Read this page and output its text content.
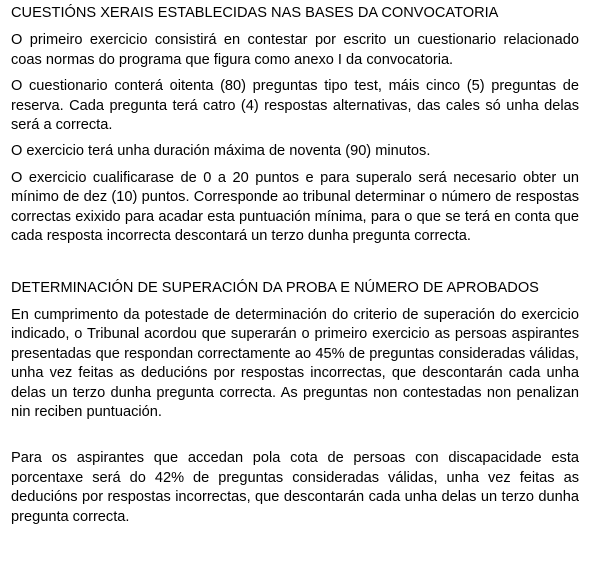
CUESTIÓNS XERAIS ESTABLECIDAS NAS BASES DA CONVOCATORIA

O primeiro exercicio consistirá en contestar por escrito un cuestionario relacionado coas normas do programa que figura como anexo I da convocatoria.

O cuestionario conterá oitenta (80) preguntas tipo test, máis cinco (5) preguntas de reserva. Cada pregunta terá catro (4) respostas alternativas, das cales só unha delas será a correcta.

O exercicio terá unha duración máxima de noventa (90) minutos.

O exercicio cualificarase de 0 a 20 puntos e para superalo será necesario obter un mínimo de dez (10) puntos. Corresponde ao tribunal determinar o número de respostas correctas exixido para acadar esta puntuación mínima, para o que se terá en conta que cada resposta incorrecta descontará un terzo dunha pregunta correcta.

DETERMINACIÓN DE SUPERACIÓN DA PROBA E NÚMERO DE APROBADOS

En cumprimento da potestade de determinación do criterio de superación do exercicio indicado, o Tribunal acordou que superarán o primeiro exercicio as persoas aspirantes presentadas que respondan correctamente ao 45% de preguntas consideradas válidas, unha vez feitas as deducións por respostas incorrectas, que descontarán cada unha delas un terzo dunha pregunta correcta. As preguntas non contestadas non penalizan nin reciben puntuación.

Para os aspirantes que accedan pola cota de persoas con discapacidade esta porcentaxe será do 42% de preguntas consideradas válidas, unha vez feitas as deducións por respostas incorrectas, que descontarán cada unha delas un terzo dunha pregunta correcta.
